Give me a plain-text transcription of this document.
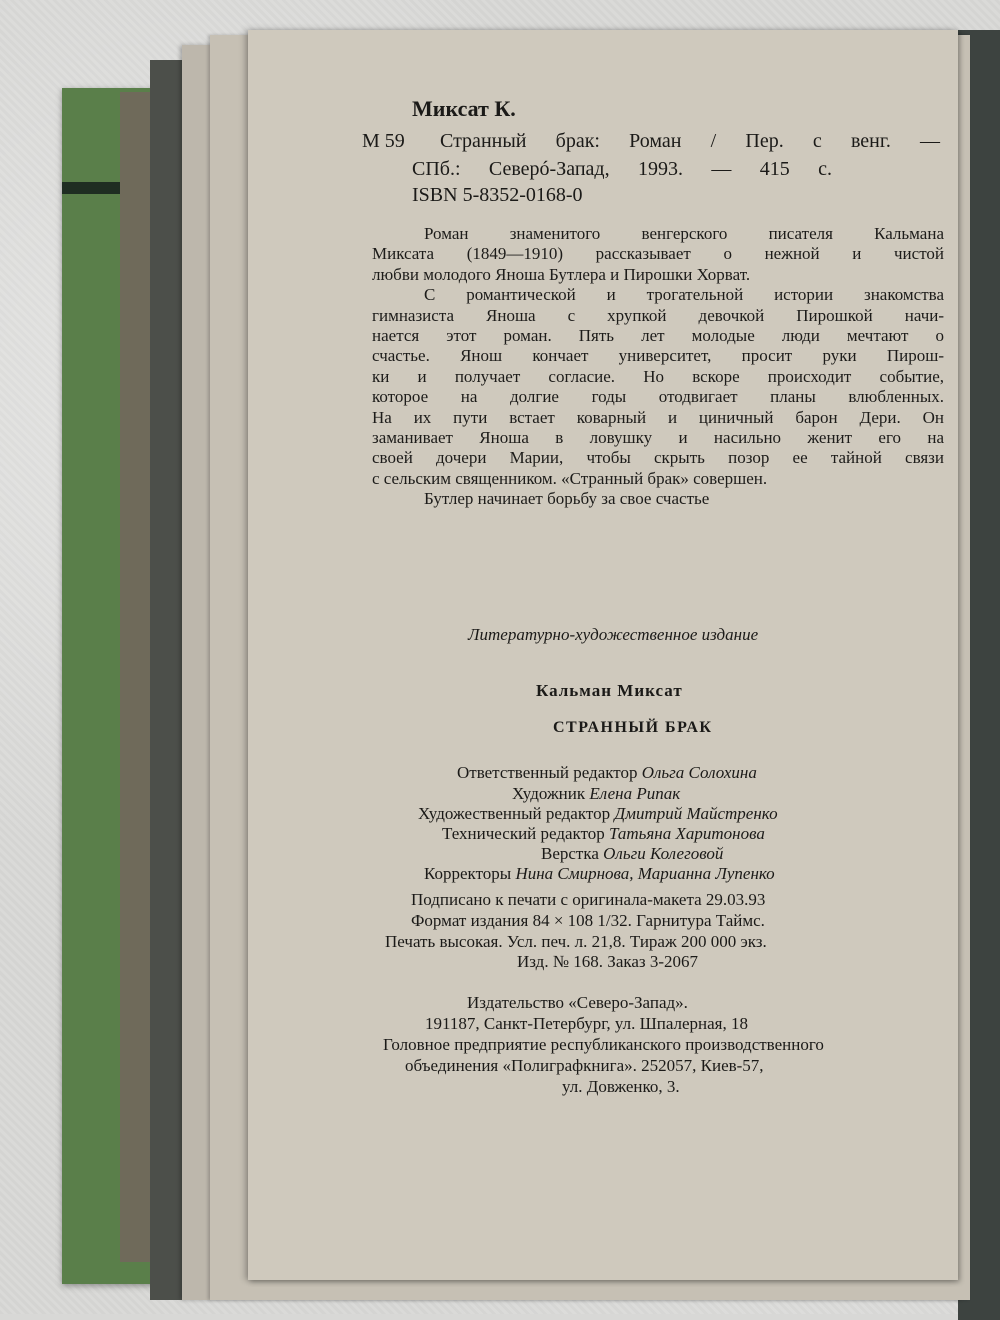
Миксат К.
М 59 Странный брак: Роман / Пер. с венг. —
СПб.: Северó-Запад, 1993. — 415 с.
ISBN 5-8352-0168-0

Роман знаменитого венгерского писателя Кальмана

Миксата (1849—1910) рассказывает о нежной и чистой

любви молодого Яноша Бутлера и Пирошки Хорват.

С романтической и трогательной истории знакомства

гимназиста Яноша с хрупкой девочкой Пирошкой начи-

нается этот роман. Пять лет молодые люди мечтают о

счастье. Янош кончает университет, просит руки Пирош-

ки и получает согласие. Но вскоре происходит событие,

которое на долгие годы отодвигает планы влюбленных.

На их пути встает коварный и циничный барон Дери. Он

заманивает Яноша в ловушку и насильно женит его на

своей дочери Марии, чтобы скрыть позор ее тайной связи

с сельским священником. «Странный брак» совершен.

Бутлер начинает борьбу за свое счастье

Литературно-художественное издание
Кальман Миксат
СТРАННЫЙ БРАК
Ответственный редактор Ольга Солохина
Художник Елена Рипак
Художественный редактор Дмитрий Майстренко
Технический редактор Татьяна Харитонова
Верстка Ольги Колеговой
Корректоры Нина Смирнова, Марианна Лупенко
Подписано к печати с оригинала-макета 29.03.93
Формат издания 84 × 108 1/32. Гарнитура Таймс.
Печать высокая. Усл. печ. л. 21,8. Тираж 200 000 экз.
Изд. № 168. Заказ 3-2067
Издательство «Северо-Запад».
191187, Санкт-Петербург, ул. Шпалерная, 18
Головное предприятие республиканского производственного
объединения «Полиграфкнига». 252057, Киев-57,
ул. Довженко, 3.
